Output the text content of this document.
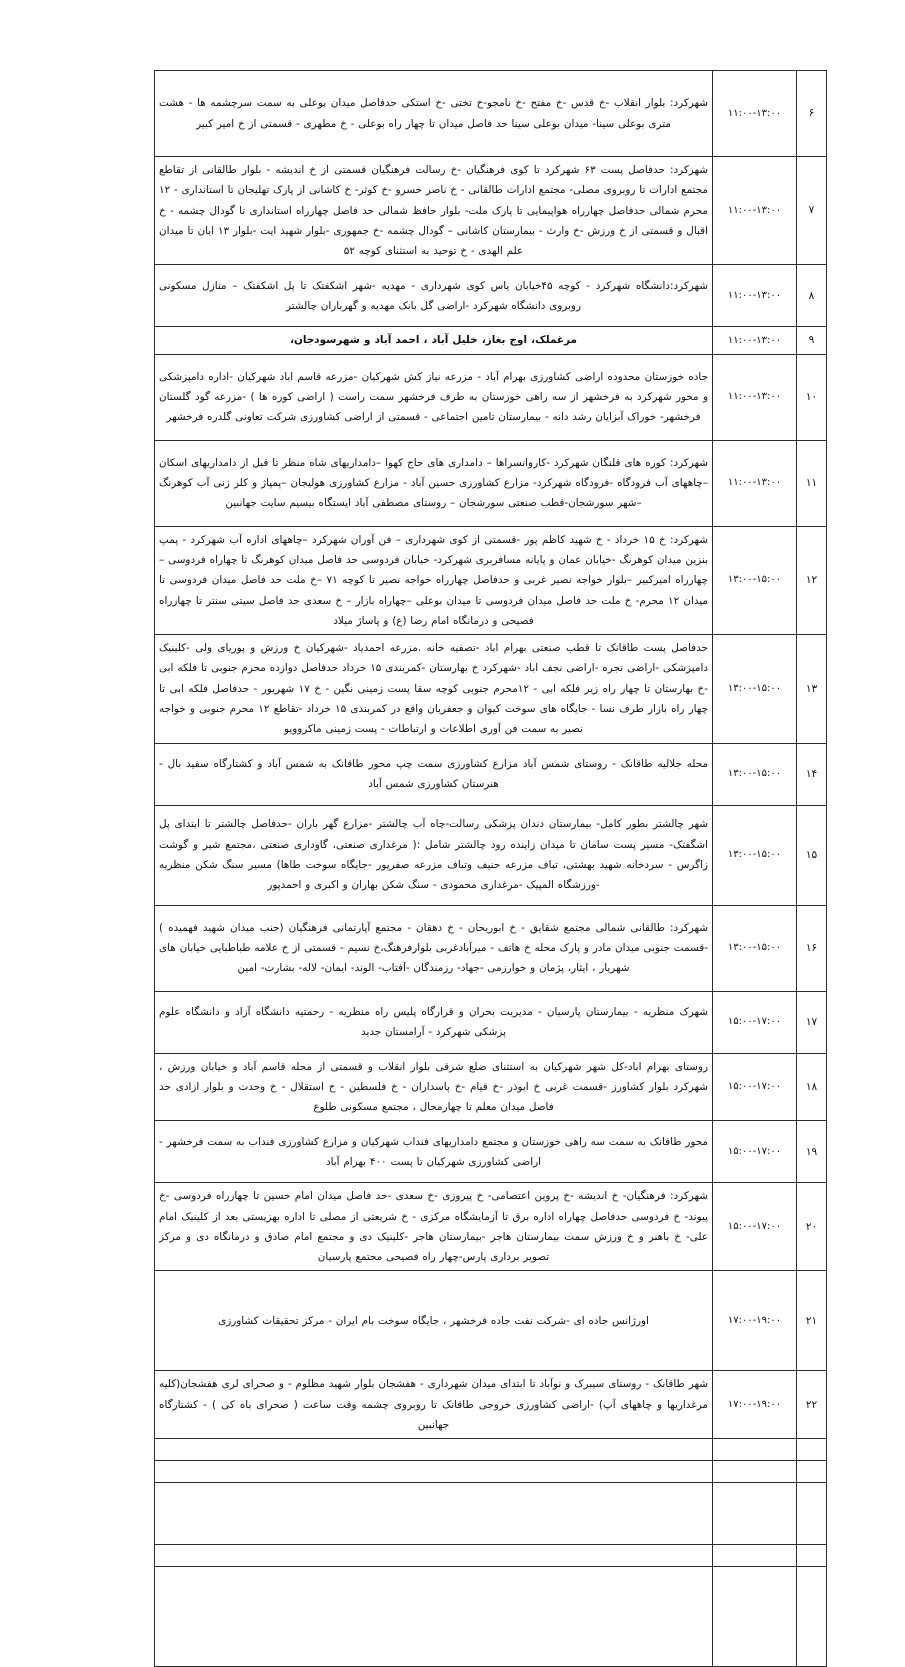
۶	۱۱:۰۰-۱۳:۰۰	شهرکرد: بلوار انقلاب -خ قدس -خ مفتح -خ نامجو-خ تختی -خ استکی حدفاصل میدان بوعلی به سمت سرچشمه ها - هشت متری بوعلی سینا- میدان بوعلی سینا حد فاصل میدان تا چهار راه بوعلی - خ مطهری - قسمتی از خ امیر کبیر
۷	۱۱:۰۰-۱۳:۰۰	شهرکرد: حدفاصل پست ۶۳ شهرکرد تا کوی فرهنگیان -خ رسالت فرهنگیان قسمتی از خ اندیشه - بلوار طالقانی از تقاطع مجتمع ادارات تا روبروی مصلی- مجتمع ادارات طالقانی - خ ناصر خسرو -خ کوثر- خ کاشانی از پارک تهلیجان تا استانداری - ۱۲ محرم شمالی حدفاصل چهارراه هواپیمایی تا پارک ملت- بلوار حافظ شمالی حد فاصل چهارراه استانداری تا گودال چشمه - خ اقبال و قسمتی از خ ورزش -خ وارث - بیمارستان کاشانی – گودال چشمه -خ جمهوری -بلوار شهید ایت -بلوار ۱۳ ابان تا میدان علم الهدی - خ توحید به استثنای کوچه ۵۲
۸	۱۱:۰۰-۱۳:۰۰	شهرکرد:دانشگاه شهرکرد - کوچه ۴۵خیابان یاس کوی شهرداری - مهدیه -شهر اشکفتک تا پل اشکفتک – منازل مسکونی روبروی دانشگاه شهرکرد -اراضی گل بانک مهدیه و گهرباران چالشتر
۹	۱۱:۰۰-۱۳:۰۰	مرغملک، اوج بغاز، خلیل آباد ، احمد آباد و شهرسودجان،
۱۰	۱۱:۰۰-۱۳:۰۰	جاده خوزستان محدوده اراضی کشاورزی بهرام آباد - مزرعه نیاز کش شهرکیان -مزرعه قاسم اباد شهرکیان -اداره دامپزشکی و محور شهرکرد به فرخشهر از سه راهی خوزستان به طرف فرخشهر سمت راست ( اراضی کوره ها ) -مزرعه گود گلستان فرخشهر- خوراک آبزایان رشد دانه - بیمارستان تامین اجتماعی - قسمتی از اراضی کشاورزی شرکت تعاونی گلدره فرخشهر
۱۱	۱۱:۰۰-۱۳:۰۰	شهرکرد: کوره های قلنگان شهرکرد -کاروانسراها – دامداری های حاج کهوا –دامداریهای شاه منظر تا قبل از دامداریهای اسکان –چاههای آب فرودگاه -فرودگاه شهرکرد- مزارع کشاورزی حسین آباد - مزارع کشاورزی هولیجان –پمپاژ و کلر زنی آب کوهرنگ –شهر سورشجان-قطب صنعتی سورشجان – روستای مصطفی آباد ایستگاه بیسیم سایت جهانبین
۱۲	۱۳:۰۰-۱۵:۰۰	شهرکرد: خ ۱۵ خرداد - خ شهید کاظم پور -قسمتی از کوی شهرداری – فن آوران شهرکرد –چاههای اداره آب شهرکرد - پمپ بنزین میدان کوهرنگ -خیابان عمان و پایانه مسافربری شهرکرد- خیابان فردوسی حد فاصل میدان کوهرنگ تا چهاراه فردوسی – چهارراه امیرکبیر –بلوار خواجه نصیر غربی و حدفاصل چهارراه خواجه نصیر تا کوچه ۷۱ –خ ملت حد فاصل میدان فردوسی تا میدان ۱۲ محرم- خ ملت حد فاصل میدان فردوسی تا میدان بوعلی –چهاراه بازار – خ سعدی حد فاصل سیتی سنتر تا چهارراه فصیحی و درمانگاه امام رضا (ع) و پاساژ میلاد
۱۳	۱۳:۰۰-۱۵:۰۰	حدفاصل پست طاقانک تا قطب صنعتی بهرام اباد -تصفیه خانه .مزرعه احمدیاد -شهرکیان خ ورزش و پوریای ولی -کلینیک دامپزشکی -اراضی تجره -اراضی نجف اباد -شهرکرد خ بهارستان -کمربندی ۱۵ خرداد حدفاصل دوازده محرم جنوبی تا فلکه ابی -خ بهارستان تا چهار راه زیر فلکه ابی - ۱۲محرم جنوبی کوچه سقا پست زمینی نگین - خ ۱۷ شهریور - حدفاصل فلکه ابی تا چهار راه بازار طرف نسا - جایگاه های سوخت کیوان و جعفریان واقع در کمربندی ۱۵ خرداد -تقاطع ۱۲ محرم جنوبی و خواجه نصیر به سمت فن آوری اطلاعات و ارتباطات - پست زمینی ماکروویو
۱۴	۱۳:۰۰-۱۵:۰۰	محله جلالیه طاقانک - روستای شمس آباد مزارع کشاورزی سمت چپ محور طاقانک به شمس آباد و کشتارگاه سفید بال - هنرستان کشاورزی شمس آباد
۱۵	۱۳:۰۰-۱۵:۰۰	شهر چالشتر بطور کامل- بیمارستان دندان پزشکی رسالت-چاه آب چالشتر -مزارع گهر باران -حدفاصل چالشتر تا ابتدای پل اشگفتک- مسیر پست سامان تا میدان زاینده رود چالشتر شامل :( مرغداری صنعتی، گاوداری صنعتی ،مجتمع شیر و گوشت زاگرس - سردخانه شهید بهشتی، تباف مزرعه حنیف وتباف مزرعه صفرپور -جایگاه سوخت طاها) مسیر سنگ شکن منظریه -ورزشگاه المپیک -مرغداری محمودی - سنگ شکن بهاران و اکبری و احمدپور
۱۶	۱۳:۰۰-۱۵:۰۰	شهرکرد: طالقانی شمالی مجتمع شقایق - خ ابوریحان - خ دهقان - مجتمع آپارتمانی فرهنگیان (جنب میدان شهید فهمیده ) -قسمت جنوبی میدان مادر و پارک محله خ هاتف - میرآبادغربی بلوارفرهنگ،خ نسیم - قسمتی از خ علامه طباطبایی خیابان های شهریار ، ایثار، پژمان و خوارزمی -جهاد- رزمندگان -آفتاب- الوند- ایمان- لاله- بشارت- امین
۱۷	۱۵:۰۰-۱۷:۰۰	شهرک منظریه - بیمارستان پارسیان - مدیریت بحران و قرارگاه پلیس راه منظریه - رحمتیه دانشگاه آزاد و دانشگاه علوم پزشکی شهرکرد - آرامستان جدید
۱۸	۱۵:۰۰-۱۷:۰۰	روستای بهرام اباد-کل شهر شهرکیان به استثنای ضلع شرقی بلوار انقلاب و قسمتی از محله قاسم آباد و خیابان ورزش ، شهرکرد بلوار کشاورز -قسمت غربی خ ابوذر -خ قیام -خ پاسداران - خ فلسطین - خ استقلال - خ وحدت و بلوار ازادی حد فاصل میدان معلم تا چهارمحال ، مجتمع مسکونی طلوع
۱۹	۱۵:۰۰-۱۷:۰۰	محور طاقانک به سمت سه راهی خوزستان و مجتمع دامداریهای فنداب شهرکیان و مزارع کشاورزی فنداب به سمت فرخشهر - اراضی کشاورزی شهرکیان تا پست ۴۰۰ بهرام آباد
۲۰	۱۵:۰۰-۱۷:۰۰	شهرکرد: فرهنگیان- خ اندیشه -خ پروین اعتصامی- خ پیروزی -خ سعدی -حد فاصل میدان امام حسین تا چهارراه فردوسی -خ پیوند- خ فردوسی حدفاصل چهاراه اداره برق تا آزمایشگاه مرکزی - خ شریعتی از مصلی تا اداره بهزیستی بعد از کلینیک امام علی- خ باهنر و خ ورزش سمت بیمارستان هاجر -بیمارستان هاجر -کلینیک دی و مجتمع امام صادق و درمانگاه دی و مرکز تصویر برداری پارس-چهار راه فصیحی مجتمع پارسیان
۲۱	۱۷:۰۰-۱۹:۰۰	اورژانس جاده ای -شرکت نفت جاده فرخشهر ، جایگاه سوخت بام ایران - مرکز تحقیقات کشاورزی
۲۲	۱۷:۰۰-۱۹:۰۰	شهر طاقانک - روستای سیبرک و نوآباد تا ابتدای میدان شهرداری - هفشجان بلوار شهید مظلوم - و صحرای لری هفشجان(کلیه مرغداریها و چاههای آپ) -اراضی کشاورزی خروجی طاقانک تا روبروی چشمه وقت ساعت ( صحرای باه کی ) - کشتارگاه جهانبین
